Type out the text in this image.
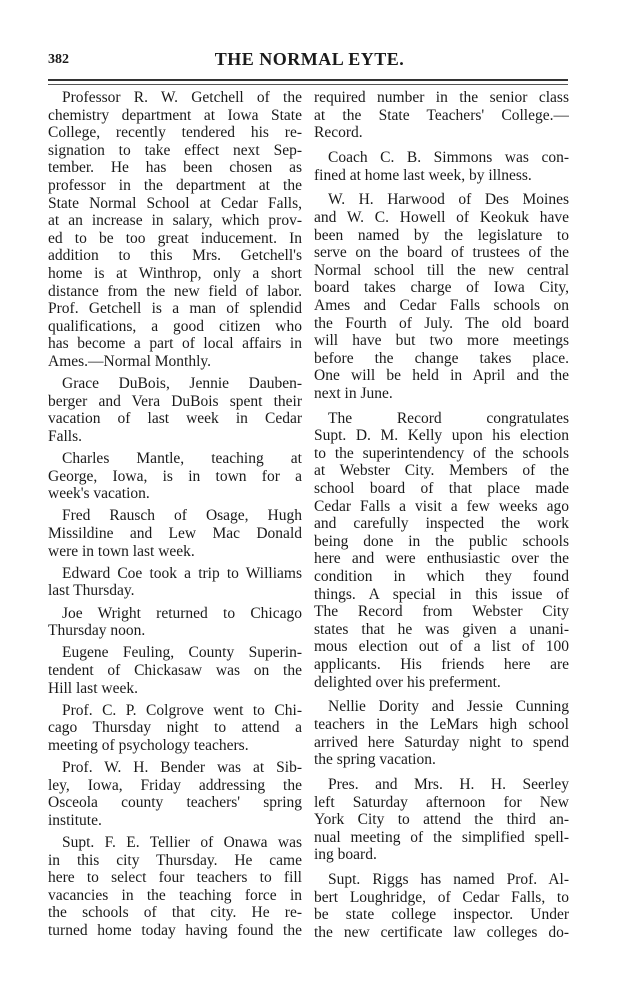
382	THE NORMAL EYTE.
Professor R. W. Getchell of the
chemistry department at Iowa State
College, recently tendered his re-
signation to take effect next Sep-
tember. He has been chosen as
professor in the department at the
State Normal School at Cedar Falls,
at an increase in salary, which prov-
ed to be too great inducement. In
addition to this Mrs. Getchell's
home is at Winthrop, only a short
distance from the new field of labor.
Prof. Getchell is a man of splendid
qualifications, a good citizen who
has become a part of local affairs in
Ames.—Normal Monthly.
Grace DuBois, Jennie Dauben-
berger and Vera DuBois spent their
vacation of last week in Cedar
Falls.
Charles Mantle, teaching at
George, Iowa, is in town for a
week's vacation.
Fred Rausch of Osage, Hugh
Missildine and Lew Mac Donald
were in town last week.
Edward Coe took a trip to Williams
last Thursday.
Joe Wright returned to Chicago
Thursday noon.
Eugene Feuling, County Superin-
tendent of Chickasaw was on the
Hill last week.
Prof. C. P. Colgrove went to Chi-
cago Thursday night to attend a
meeting of psychology teachers.
Prof. W. H. Bender was at Sib-
ley, Iowa, Friday addressing the
Osceola county teachers' spring
institute.
Supt. F. E. Tellier of Onawa was
in this city Thursday. He came
here to select four teachers to fill
vacancies in the teaching force in
the schools of that city. He re-
turned home today having found the
required number in the senior class
at the State Teachers' College.—
Record.
Coach C. B. Simmons was con-
fined at home last week, by illness.
W. H. Harwood of Des Moines
and W. C. Howell of Keokuk have
been named by the legislature to
serve on the board of trustees of the
Normal school till the new central
board takes charge of Iowa City,
Ames and Cedar Falls schools on
the Fourth of July. The old board
will have but two more meetings
before the change takes place.
One will be held in April and the
next in June.
The Record congratulates
Supt. D. M. Kelly upon his election
to the superintendency of the schools
at Webster City. Members of the
school board of that place made
Cedar Falls a visit a few weeks ago
and carefully inspected the work
being done in the public schools
here and were enthusiastic over the
condition in which they found
things. A special in this issue of
The Record from Webster City
states that he was given a unani-
mous election out of a list of 100
applicants. His friends here are
delighted over his preferment.
Nellie Dority and Jessie Cunning
teachers in the LeMars high school
arrived here Saturday night to spend
the spring vacation.
Pres. and Mrs. H. H. Seerley
left Saturday afternoon for New
York City to attend the third an-
nual meeting of the simplified spell-
ing board.
Supt. Riggs has named Prof. Al-
bert Loughridge, of Cedar Falls, to
be state college inspector. Under
the new certificate law colleges do-
